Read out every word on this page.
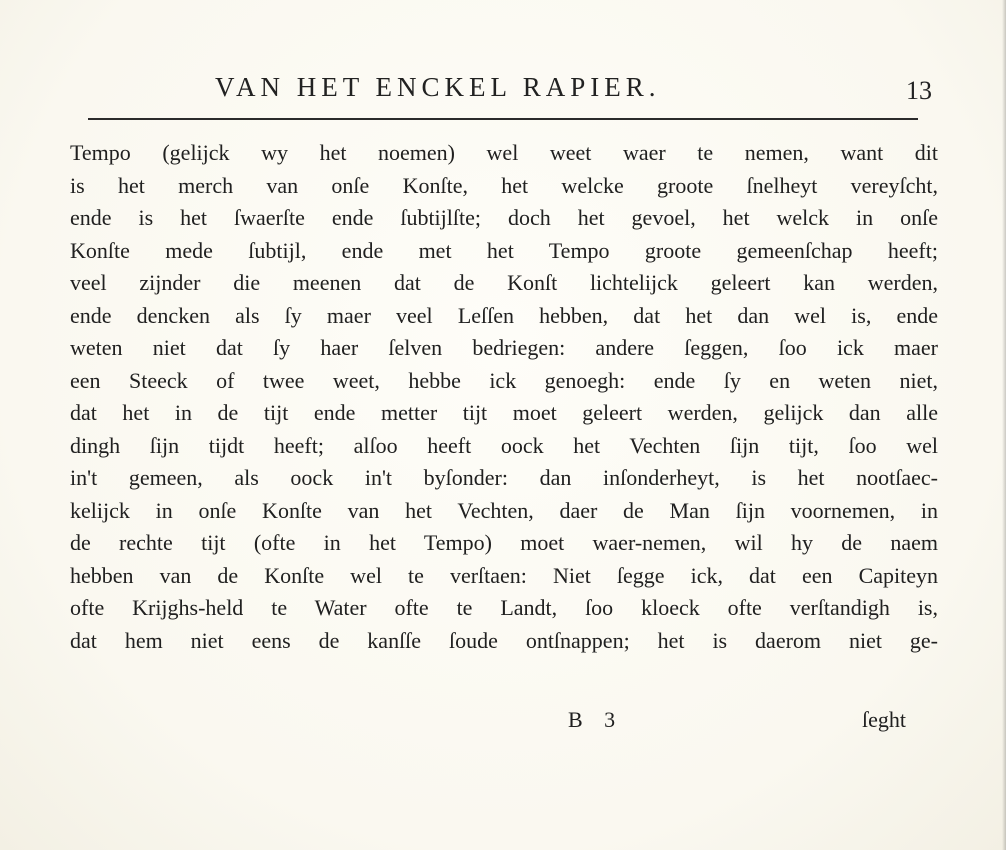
VAN HET ENCKEL RAPIER.	13
Tempo (gelijck wy het noemen) wel weet waer te nemen, want dit
is het merch van onſe Konſte, het welcke groote ſnelheyt vereyſcht,
ende is het ſwaerſte ende ſubtijlſte; doch het gevoel, het welck in onſe
Konſte mede ſubtijl, ende met het Tempo groote gemeenſchap heeft;
veel zijnder die meenen dat de Konſt lichtelijck geleert kan werden,
ende dencken als ſy maer veel Leſſen hebben, dat het dan wel is, ende
weten niet dat ſy haer ſelven bedriegen: andere ſeggen, ſoo ick maer
een Steeck of twee weet, hebbe ick genoegh: ende ſy en weten niet,
dat het in de tijt ende metter tijt moet geleert werden, gelijck dan alle
dingh ſijn tijdt heeft; alſoo heeft oock het Vechten ſijn tijt, ſoo wel
in't gemeen, als oock in't byſonder: dan inſonderheyt, is het nootſaec-
kelijck in onſe Konſte van het Vechten, daer de Man ſijn voornemen, in
de rechte tijt (ofte in het Tempo) moet waer-nemen, wil hy de naem
hebben van de Konſte wel te verſtaen: Niet ſegge ick, dat een Capiteyn
ofte Krijghs-held te Water ofte te Landt, ſoo kloeck ofte verſtandigh is,
dat hem niet eens de kanſſe ſoude ontſnappen; het is daerom niet ge-
B 3	ſeght
